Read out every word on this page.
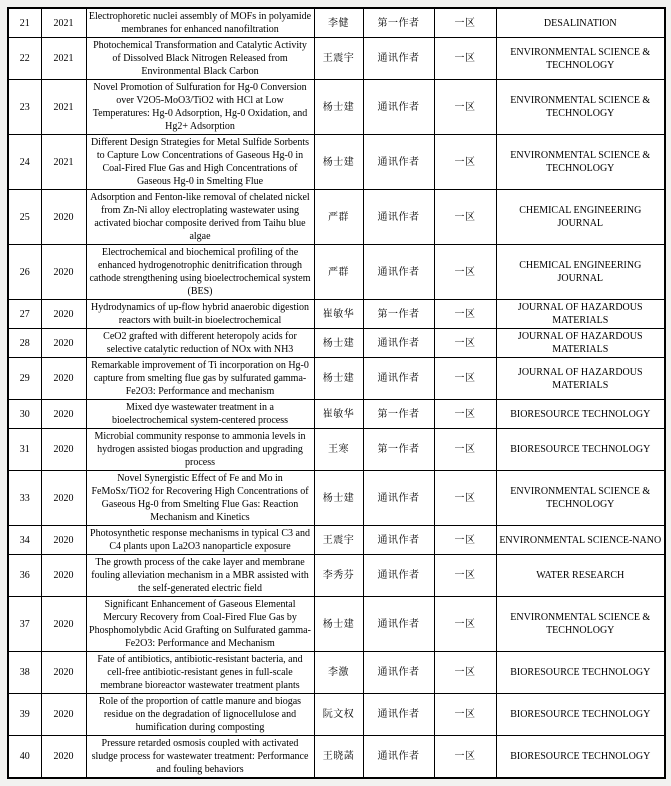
21	2021	Electrophoretic nuclei assembly of MOFs in polyamide membranes for enhanced nanofiltration	李健	第一作者	一区	DESALINATION
22	2021	Photochemical Transformation and Catalytic Activity of Dissolved Black Nitrogen Released from Environmental Black Carbon	王震宇	通讯作者	一区	ENVIRONMENTAL SCIENCE & TECHNOLOGY
23	2021	Novel Promotion of Sulfuration for Hg-0 Conversion over V2O5-MoO3/TiO2 with HCl at Low Temperatures: Hg-0 Adsorption, Hg-0 Oxidation, and Hg2+ Adsorption	杨士建	通讯作者	一区	ENVIRONMENTAL SCIENCE & TECHNOLOGY
24	2021	Different Design Strategies for Metal Sulfide Sorbents to Capture Low Concentrations of Gaseous Hg-0 in Coal-Fired Flue Gas and High Concentrations of Gaseous Hg-0 in Smelting Flue	杨士建	通讯作者	一区	ENVIRONMENTAL SCIENCE & TECHNOLOGY
25	2020	Adsorption and Fenton-like removal of chelated nickel from Zn-Ni alloy electroplating wastewater using activated biochar composite derived from Taihu blue algae	严群	通讯作者	一区	CHEMICAL ENGINEERING JOURNAL
26	2020	Electrochemical and biochemical profiling of the enhanced hydrogenotrophic denitrification through cathode strengthening using bioelectrochemical system (BES)	严群	通讯作者	一区	CHEMICAL ENGINEERING JOURNAL
27	2020	Hydrodynamics of up-flow hybrid anaerobic digestion reactors with built-in bioelectrochemical	崔敏华	第一作者	一区	JOURNAL OF HAZARDOUS MATERIALS
28	2020	CeO2 grafted with different heteropoly acids for selective catalytic reduction of NOx with NH3	杨士建	通讯作者	一区	JOURNAL OF HAZARDOUS MATERIALS
29	2020	Remarkable improvement of Ti incorporation on Hg-0 capture from smelting flue gas by sulfurated gamma-Fe2O3: Performance and mechanism	杨士建	通讯作者	一区	JOURNAL OF HAZARDOUS MATERIALS
30	2020	Mixed dye wastewater treatment in a bioelectrochemical system-centered process	崔敏华	第一作者	一区	BIORESOURCE TECHNOLOGY
31	2020	Microbial community response to ammonia levels in hydrogen assisted biogas production and upgrading process	王寒	第一作者	一区	BIORESOURCE TECHNOLOGY
33	2020	Novel Synergistic Effect of Fe and Mo in FeMoSx/TiO2 for Recovering High Concentrations of Gaseous Hg-0 from Smelting Flue Gas: Reaction Mechanism and Kinetics	杨士建	通讯作者	一区	ENVIRONMENTAL SCIENCE & TECHNOLOGY
34	2020	Photosynthetic response mechanisms in typical C3 and C4 plants upon La2O3 nanoparticle exposure	王震宇	通讯作者	一区	ENVIRONMENTAL SCIENCE-NANO
36	2020	The growth process of the cake layer and membrane fouling alleviation mechanism in a MBR assisted with the self-generated electric field	李秀芬	通讯作者	一区	WATER RESEARCH
37	2020	Significant Enhancement of Gaseous Elemental Mercury Recovery from Coal-Fired Flue Gas by Phosphomolybdic Acid Grafting on Sulfurated gamma-Fe2O3: Performance and Mechanism	杨士建	通讯作者	一区	ENVIRONMENTAL SCIENCE & TECHNOLOGY
38	2020	Fate of antibiotics, antibiotic-resistant bacteria, and cell-free antibiotic-resistant genes in full-scale membrane bioreactor wastewater treatment plants	李激	通讯作者	一区	BIORESOURCE TECHNOLOGY
39	2020	Role of the proportion of cattle manure and biogas residue on the degradation of lignocellulose and humification during composting	阮文权	通讯作者	一区	BIORESOURCE TECHNOLOGY
40	2020	Pressure retarded osmosis coupled with activated sludge process for wastewater treatment: Performance and fouling behaviors	王晓菡	通讯作者	一区	BIORESOURCE TECHNOLOGY
